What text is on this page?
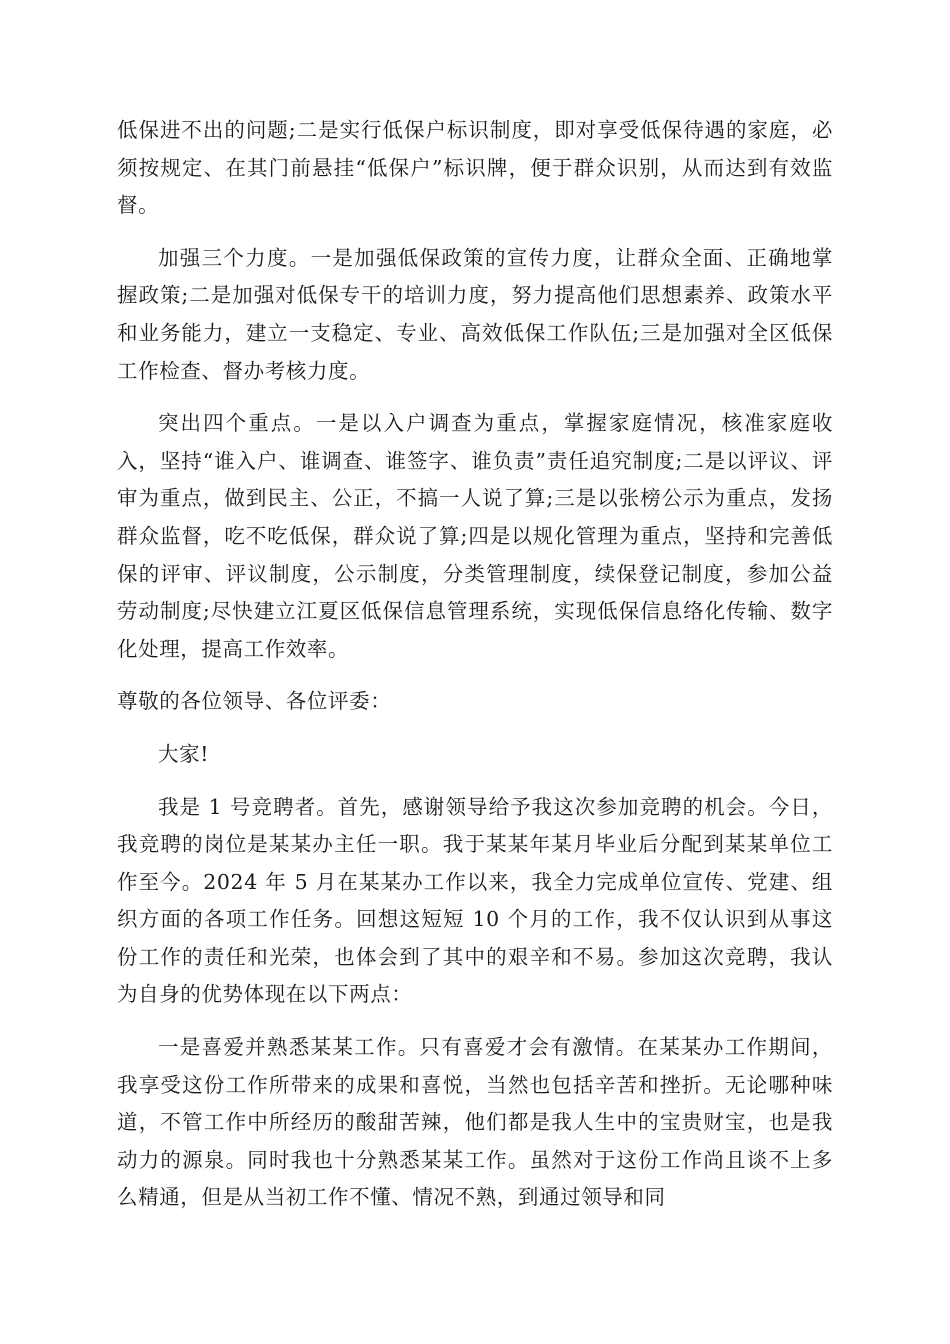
低保进不出的问题;二是实行低保户标识制度，即对享受低保待遇的家庭，必须按规定、在其门前悬挂“低保户”标识牌，便于群众识别，从而达到有效监督。

加强三个力度。一是加强低保政策的宣传力度，让群众全面、正确地掌握政策;二是加强对低保专干的培训力度，努力提高他们思想素养、政策水平和业务能力，建立一支稳定、专业、高效低保工作队伍;三是加强对全区低保工作检查、督办考核力度。

突出四个重点。一是以入户调查为重点，掌握家庭情况，核准家庭收入，坚持“谁入户、谁调查、谁签字、谁负责”责任追究制度;二是以评议、评审为重点，做到民主、公正，不搞一人说了算;三是以张榜公示为重点，发扬群众监督，吃不吃低保，群众说了算;四是以规化管理为重点，坚持和完善低保的评审、评议制度，公示制度，分类管理制度，续保登记制度，参加公益劳动制度;尽快建立江夏区低保信息管理系统，实现低保信息络化传输、数字化处理，提高工作效率。

尊敬的各位领导、各位评委：

大家!

我是 1 号竞聘者。首先，感谢领导给予我这次参加竞聘的机会。今日，我竞聘的岗位是某某办主任一职。我于某某年某月毕业后分配到某某单位工作至今。2024 年 5 月在某某办工作以来，我全力完成单位宣传、党建、组织方面的各项工作任务。回想这短短 10 个月的工作，我不仅认识到从事这份工作的责任和光荣，也体会到了其中的艰辛和不易。参加这次竞聘，我认为自身的优势体现在以下两点：

一是喜爱并熟悉某某工作。只有喜爱才会有激情。在某某办工作期间，我享受这份工作所带来的成果和喜悦，当然也包括辛苦和挫折。无论哪种味道，不管工作中所经历的酸甜苦辣，他们都是我人生中的宝贵财宝，也是我动力的源泉。同时我也十分熟悉某某工作。虽然对于这份工作尚且谈不上多么精通，但是从当初工作不懂、情况不熟，到通过领导和同
